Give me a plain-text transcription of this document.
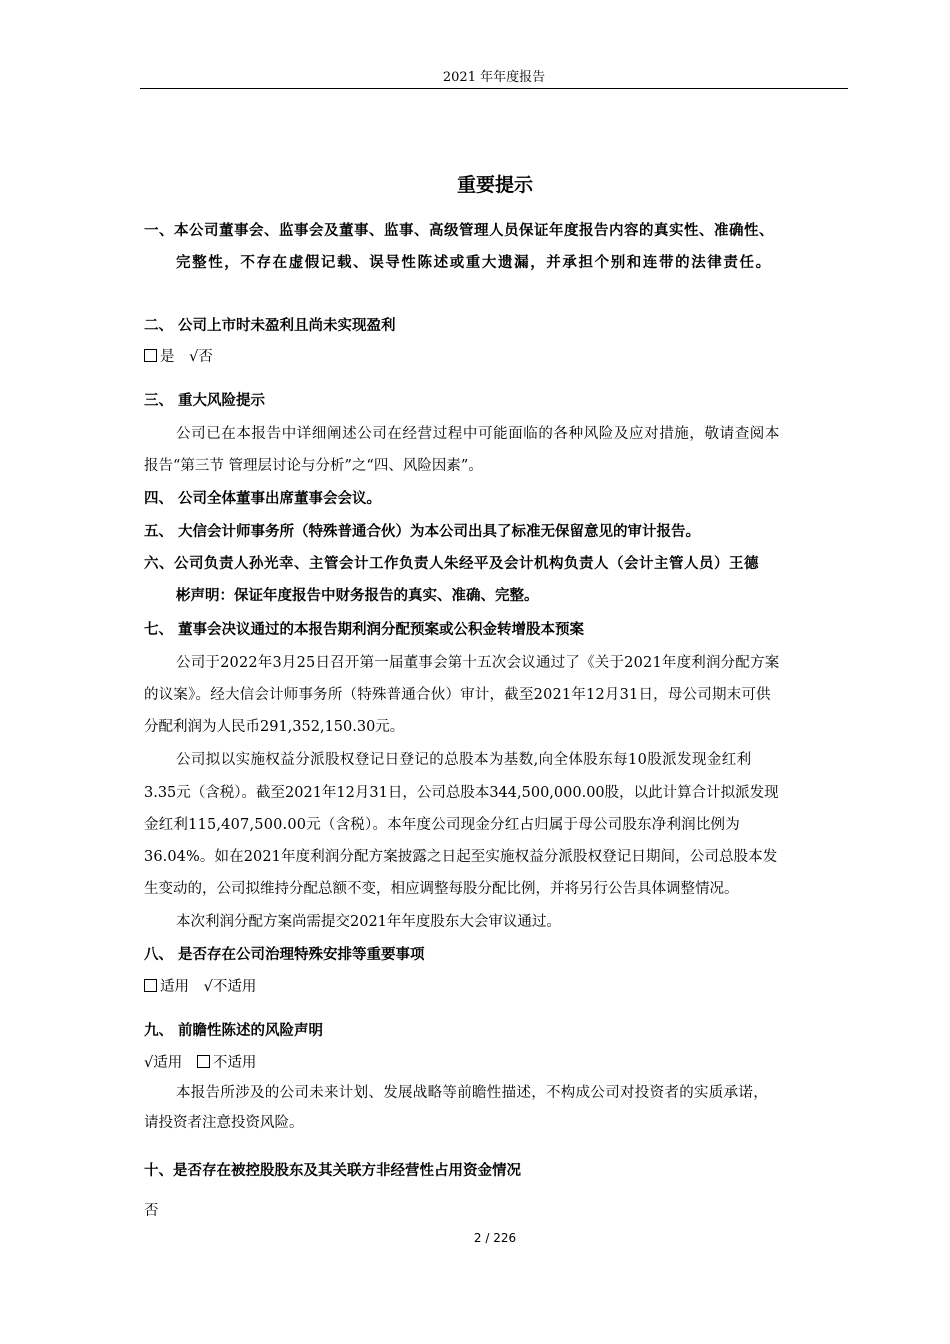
2021 年年度报告
重要提示
一、本公司董事会、监事会及董事、监事、高级管理人员保证年度报告内容的真实性、准确性、
完整性，不存在虚假记载、误导性陈述或重大遗漏，并承担个别和连带的法律责任。
二、 公司上市时未盈利且尚未实现盈利
是 √否
三、 重大风险提示
公司已在本报告中详细阐述公司在经营过程中可能面临的各种风险及应对措施，敬请查阅本
报告“第三节 管理层讨论与分析”之“四、风险因素”。
四、 公司全体董事出席董事会会议。
五、 大信会计师事务所（特殊普通合伙）为本公司出具了标准无保留意见的审计报告。
六、公司负责人孙光幸、主管会计工作负责人朱经平及会计机构负责人（会计主管人员）王德
彬声明：保证年度报告中财务报告的真实、准确、完整。
七、 董事会决议通过的本报告期利润分配预案或公积金转增股本预案
公司于2022年3月25日召开第一届董事会第十五次会议通过了《关于2021年度利润分配方案
的议案》。经大信会计师事务所（特殊普通合伙）审计，截至2021年12月31日，母公司期末可供
分配利润为人民币291,352,150.30元。
公司拟以实施权益分派股权登记日登记的总股本为基数,向全体股东每10股派发现金红利
3.35元（含税）。截至2021年12月31日，公司总股本344,500,000.00股，以此计算合计拟派发现
金红利115,407,500.00元（含税）。本年度公司现金分红占归属于母公司股东净利润比例为
36.04%。如在2021年度利润分配方案披露之日起至实施权益分派股权登记日期间，公司总股本发
生变动的，公司拟维持分配总额不变，相应调整每股分配比例，并将另行公告具体调整情况。
本次利润分配方案尚需提交2021年年度股东大会审议通过。
八、 是否存在公司治理特殊安排等重要事项
适用 √不适用
九、 前瞻性陈述的风险声明
√适用 不适用
本报告所涉及的公司未来计划、发展战略等前瞻性描述，不构成公司对投资者的实质承诺，
请投资者注意投资风险。
十、是否存在被控股股东及其关联方非经营性占用资金情况
否
2 / 226
